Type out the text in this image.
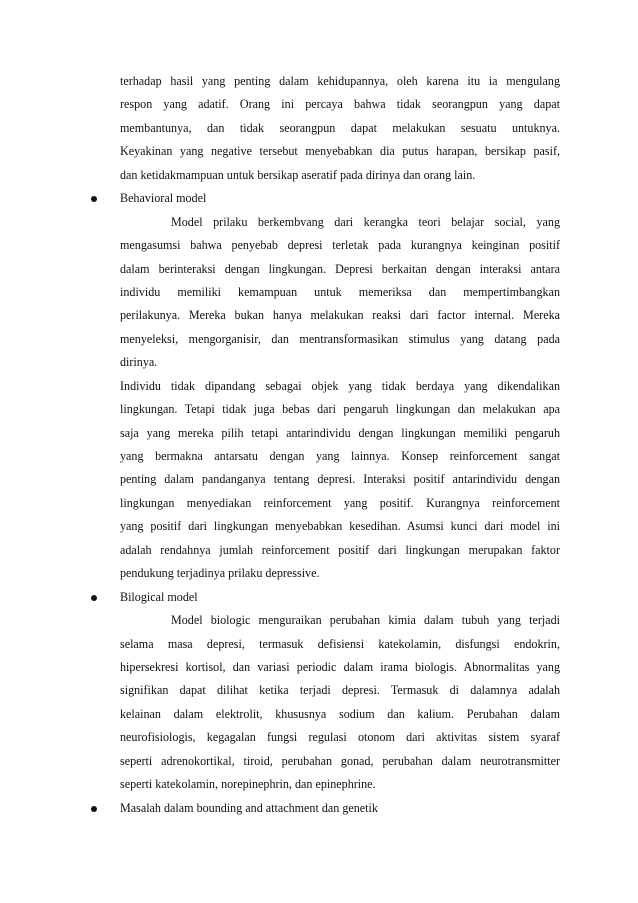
terhadap hasil yang penting dalam kehidupannya, oleh karena itu ia mengulang
respon yang adatif. Orang ini percaya bahwa tidak seorangpun yang dapat
membantunya, dan tidak seorangpun dapat melakukan sesuatu untuknya.
Keyakinan yang negative tersebut menyebabkan dia putus harapan, bersikap pasif,
dan ketidakmampuan untuk bersikap aseratif pada dirinya dan orang lain.
Behavioral model
Model prilaku berkembvang dari kerangka teori belajar social, yang
mengasumsi bahwa penyebab depresi terletak pada kurangnya keinginan positif
dalam berinteraksi dengan lingkungan. Depresi berkaitan dengan interaksi antara
individu memiliki kemampuan untuk memeriksa dan mempertimbangkan
perilakunya. Mereka bukan hanya melakukan reaksi dari factor internal. Mereka
menyeleksi, mengorganisir, dan mentransformasikan stimulus yang datang pada
dirinya.
Individu tidak dipandang sebagai objek yang tidak berdaya yang dikendalikan
lingkungan. Tetapi tidak juga bebas dari pengaruh lingkungan dan melakukan apa
saja yang mereka pilih tetapi antarindividu dengan lingkungan memiliki pengaruh
yang bermakna antarsatu dengan yang lainnya. Konsep reinforcement sangat
penting dalam pandanganya tentang depresi. Interaksi positif antarindividu dengan
lingkungan menyediakan reinforcement yang positif. Kurangnya reinforcement
yang positif dari lingkungan menyebabkan kesedihan. Asumsi kunci dari model ini
adalah rendahnya jumlah reinforcement positif dari lingkungan merupakan faktor
pendukung terjadinya prilaku depressive.
Bilogical model
Model biologic menguraikan perubahan kimia dalam tubuh yang terjadi
selama masa depresi, termasuk defisiensi katekolamin, disfungsi endokrin,
hipersekresi kortisol, dan variasi periodic dalam irama biologis. Abnormalitas yang
signifikan dapat dilihat ketika terjadi depresi. Termasuk di dalamnya adalah
kelainan dalam elektrolit, khususnya sodium dan kalium. Perubahan dalam
neurofisiologis, kegagalan fungsi regulasi otonom dari aktivitas sistem syaraf
seperti adrenokortikal, tiroid, perubahan gonad, perubahan dalam neurotransmitter
seperti katekolamin, norepinephrin, dan epinephrine.
Masalah dalam bounding and attachment dan genetik
